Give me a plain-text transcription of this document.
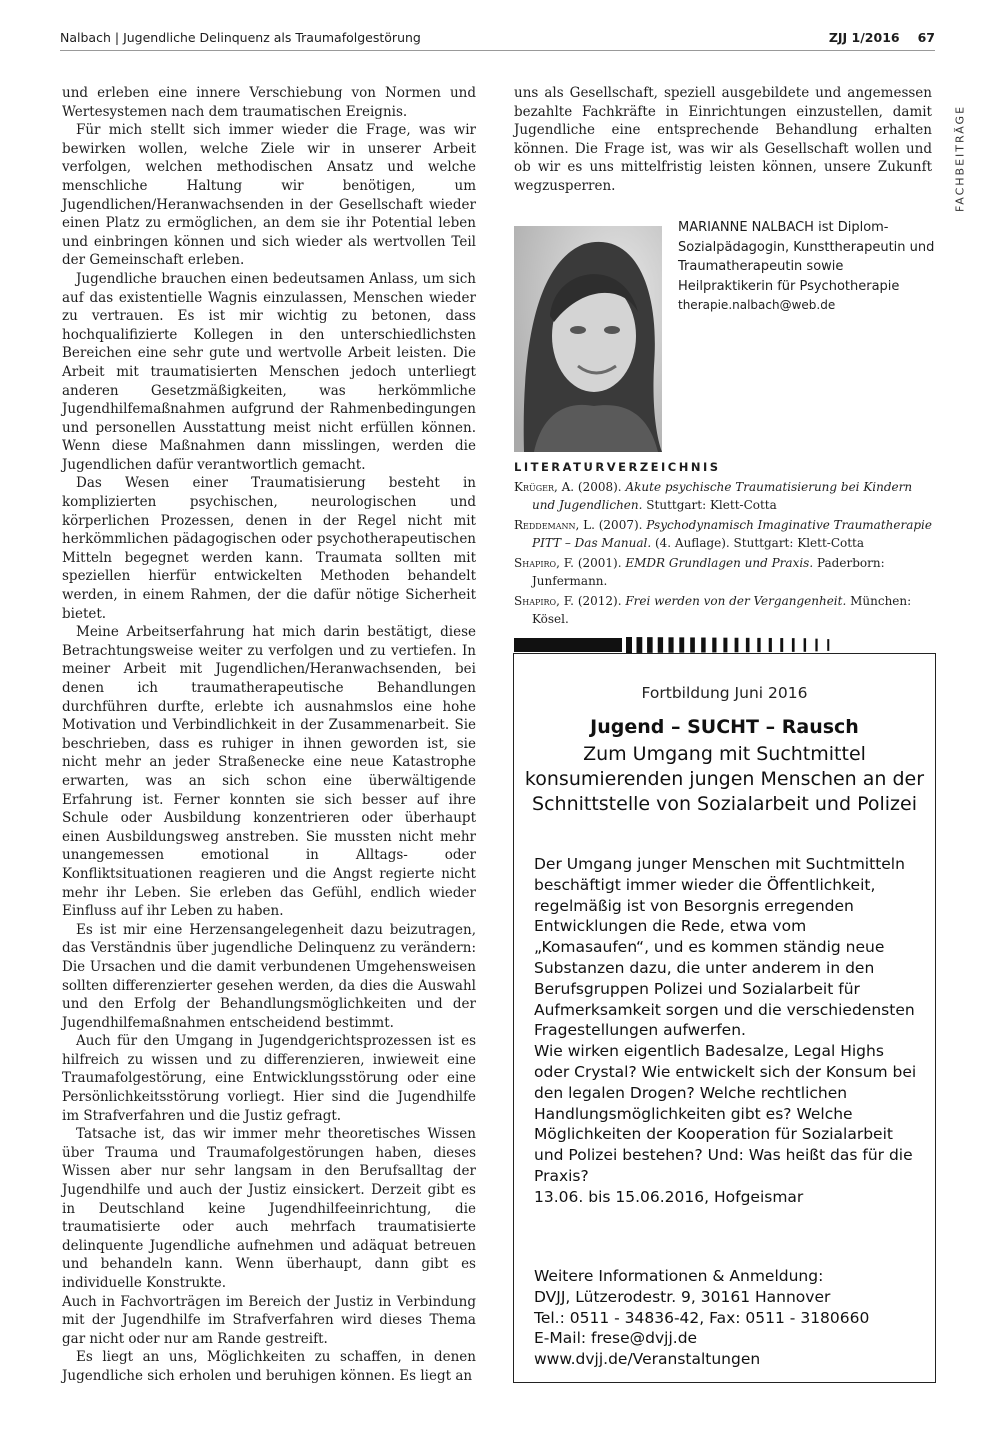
Nalbach | Jugendliche Delinquenz als Traumafolgestörung	ZJJ 1/2016 67
FACHBEITRÄGE

und erleben eine innere Verschiebung von Normen und Wertesystemen nach dem traumatischen Ereignis.

Für mich stellt sich immer wieder die Frage, was wir bewirken wollen, welche Ziele wir in unserer Arbeit verfolgen, welchen methodischen Ansatz und welche menschliche Haltung wir benötigen, um Jugendlichen/Heranwachsenden in der Gesellschaft wieder einen Platz zu ermöglichen, an dem sie ihr Potential leben und einbringen können und sich wieder als wertvollen Teil der Gemeinschaft erleben.

Jugendliche brauchen einen bedeutsamen Anlass, um sich auf das existentielle Wagnis einzulassen, Menschen wieder zu vertrauen. Es ist mir wichtig zu betonen, dass hochqualifizierte Kollegen in den unterschiedlichsten Bereichen eine sehr gute und wertvolle Arbeit leisten. Die Arbeit mit traumatisierten Menschen jedoch unterliegt anderen Gesetzmäßigkeiten, was herkömmliche Jugendhilfemaßnahmen aufgrund der Rahmenbedingungen und personellen Ausstattung meist nicht erfüllen können. Wenn diese Maßnahmen dann misslingen, werden die Jugendlichen dafür verantwortlich gemacht.

Das Wesen einer Traumatisierung besteht in komplizierten psychischen, neurologischen und körperlichen Prozessen, denen in der Regel nicht mit herkömmlichen pädagogischen oder psychotherapeutischen Mitteln begegnet werden kann. Traumata sollten mit speziellen hierfür entwickelten Methoden behandelt werden, in einem Rahmen, der die dafür nötige Sicherheit bietet.

Meine Arbeitserfahrung hat mich darin bestätigt, diese Betrachtungsweise weiter zu verfolgen und zu vertiefen. In meiner Arbeit mit Jugendlichen/Heranwachsenden, bei denen ich traumatherapeutische Behandlungen durchführen durfte, erlebte ich ausnahmslos eine hohe Motivation und Verbindlichkeit in der Zusammenarbeit. Sie beschrieben, dass es ruhiger in ihnen geworden ist, sie nicht mehr an jeder Straßenecke eine neue Katastrophe erwarten, was an sich schon eine überwältigende Erfahrung ist. Ferner konnten sie sich besser auf ihre Schule oder Ausbildung konzentrieren oder überhaupt einen Ausbildungsweg anstreben. Sie mussten nicht mehr unangemessen emotional in Alltags- oder Konfliktsituationen reagieren und die Angst regierte nicht mehr ihr Leben. Sie erleben das Gefühl, endlich wieder Einfluss auf ihr Leben zu haben.

Es ist mir eine Herzensangelegenheit dazu beizutragen, das Verständnis über jugendliche Delinquenz zu verändern: Die Ursachen und die damit verbundenen Umgehensweisen sollten differenzierter gesehen werden, da dies die Auswahl und den Erfolg der Behandlungsmöglichkeiten und der Jugendhilfemaßnahmen entscheidend bestimmt.

Auch für den Umgang in Jugendgerichtsprozessen ist es hilfreich zu wissen und zu differenzieren, inwieweit eine Traumafolgestörung, eine Entwicklungsstörung oder eine Persönlichkeitsstörung vorliegt. Hier sind die Jugendhilfe im Strafverfahren und die Justiz gefragt.

Tatsache ist, das wir immer mehr theoretisches Wissen über Trauma und Traumafolgestörungen haben, dieses Wissen aber nur sehr langsam in den Berufsalltag der Jugendhilfe und auch der Justiz einsickert. Derzeit gibt es in Deutschland keine Jugendhilfeeinrichtung, die traumatisierte oder auch mehrfach traumatisierte delinquente Jugendliche aufnehmen und adäquat betreuen und behandeln kann. Wenn überhaupt, dann gibt es individuelle Konstrukte.

Auch in Fachvorträgen im Bereich der Justiz in Verbindung mit der Jugendhilfe im Strafverfahren wird dieses Thema gar nicht oder nur am Rande gestreift.

Es liegt an uns, Möglichkeiten zu schaffen, in denen Jugendliche sich erholen und beruhigen können. Es liegt an

uns als Gesellschaft, speziell ausgebildete und angemessen bezahlte Fachkräfte in Einrichtungen einzustellen, damit Jugendliche eine entsprechende Behandlung erhalten können. Die Frage ist, was wir als Gesellschaft wollen und ob wir es uns mittelfristig leisten können, unsere Zukunft wegzusperren.

MARIANNE NALBACH ist Diplom-Sozialpädagogin, Kunsttherapeutin und Traumatherapeutin sowie Heilpraktikerin für Psychotherapie
therapie.nalbach@web.de
LITERATURVERZEICHNIS

Krüger, A. (2008). Akute psychische Traumatisierung bei Kindern und Jugendlichen. Stuttgart: Klett-Cotta

Reddemann, L. (2007). Psychodynamisch Imaginative Traumatherapie PITT – Das Manual. (4. Auflage). Stuttgart: Klett-Cotta

Shapiro, F. (2001). EMDR Grundlagen und Praxis. Paderborn: Junfermann.

Shapiro, F. (2012). Frei werden von der Vergangenheit. München: Kösel.

Fortbildung Juni 2016
Jugend – SUCHT – Rausch
Zum Umgang mit Suchtmittel konsumierenden jungen Menschen an der Schnittstelle von Sozialarbeit und Polizei

Der Umgang junger Menschen mit Suchtmitteln beschäftigt immer wieder die Öffentlichkeit, regelmäßig ist von Besorgnis erregenden Entwicklungen die Rede, etwa vom „Komasaufen“, und es kommen ständig neue Substanzen dazu, die unter anderem in den Berufsgruppen Polizei und Sozialarbeit für Aufmerksamkeit sorgen und die verschiedensten Fragestellungen aufwerfen.

Wie wirken eigentlich Badesalze, Legal Highs oder Crystal? Wie entwickelt sich der Konsum bei den legalen Drogen? Welche rechtlichen Handlungsmöglichkeiten gibt es? Welche Möglichkeiten der Kooperation für Sozialarbeit und Polizei bestehen? Und: Was heißt das für die Praxis?

13.06. bis 15.06.2016, Hofgeismar

Weitere Informationen & Anmeldung:

DVJJ, Lützerodestr. 9, 30161 Hannover

Tel.: 0511 - 34836-42, Fax: 0511 - 3180660

E-Mail: frese@dvjj.de

www.dvjj.de/Veranstaltungen
